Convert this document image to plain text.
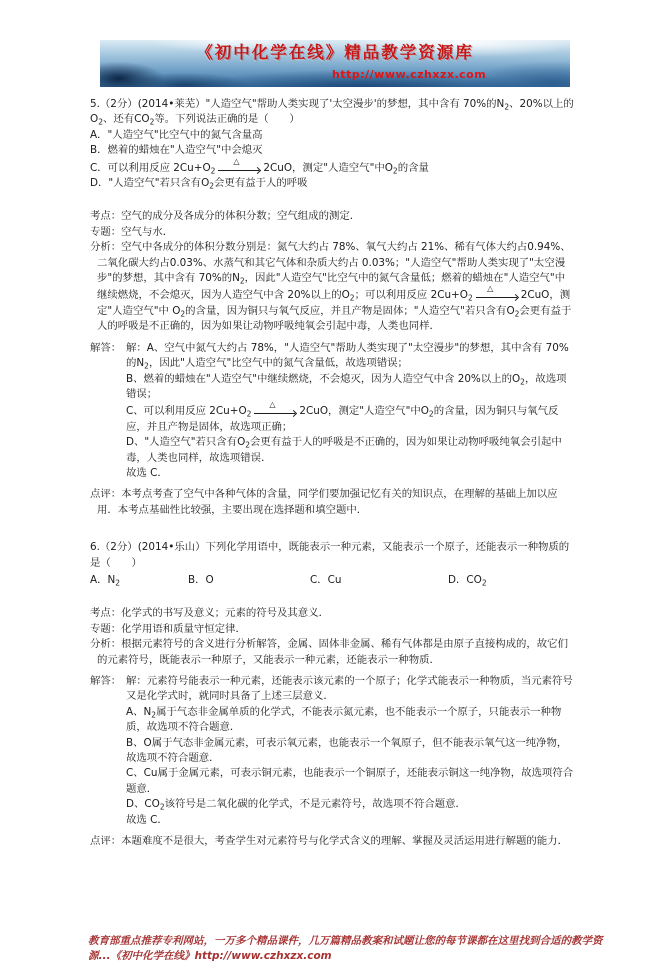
《初中化学在线》精品教学资源库
http://www.czhxzx.com
5.（2分）(2014•莱芜）"人造空气"帮助人类实现了'太空漫步'的梦想，其中含有 70%的$N_2$、20%以上的$O_2$、还有$CO_2$等。下列说法正确的是（　　）
A．"人造空气"比空气中的氮气含量高
B．燃着的蜡烛在"人造空气"中会熄灭
C．可以利用反应 $2Cu+O_2$
△
2CuO，测定"人造空气"中$O_2$的含量
D．"人造空气"若只含有$O_2$会更有益于人的呼吸
考点：空气的成分及各成分的体积分数；空气组成的测定．
专题：空气与水．
分析：空气中各成分的体积分数分别是：氮气大约占 78%、氧气大约占 21%、稀有气体大约占0.94%、二氧化碳大约占0.03%、水蒸气和其它气体和杂质大约占 0.03%；"人造空气"帮助人类实现了"太空漫步"的梦想，其中含有 70%的$N_2$，因此"人造空气"比空气中的氮气含量低；燃着的蜡烛在"人造空气"中继续燃烧，不会熄灭，因为人造空气中含 20%以上的$O_2$；可以利用反应 $2Cu+O_2$
△
2CuO，测定"人造空气"中 $O_2$的含量，因为铜只与氧气反应，并且产物是固体；"人造空气"若只含有$O_2$会更有益于人的呼吸是不正确的，因为如果让动物呼吸纯氧会引起中毒，人类也同样．
解答： 解：A、空气中氮气大约占 78%，"人造空气"帮助人类实现了"太空漫步"的梦想，其中含有 70%的$N_2$，因此"人造空气"比空气中的氮气含量低，故选项错误；
B、燃着的蜡烛在"人造空气"中继续燃烧，不会熄灭，因为人造空气中含 20%以上的$O_2$，故选项错误；
C、可以利用反应 $2Cu+O_2$
△
2CuO，测定"人造空气"中$O_2$的含量，因为铜只与氧气反应，并且产物是固体，故选项正确；
D、"人造空气"若只含有$O_2$会更有益于人的呼吸是不正确的，因为如果让动物呼吸纯氧会引起中毒，人类也同样，故选项错误．
故选 C．
点评：本考点考查了空气中各种气体的含量，同学们要加强记忆有关的知识点，在理解的基础上加以应用．本考点基础性比较强，主要出现在选择题和填空题中．
6.（2分）(2014•乐山）下列化学用语中，既能表示一种元素，又能表示一个原子，还能表示一种物质的是（　　）
A．$N_2$	B．O	C．Cu	D．$CO_2$
考点：化学式的书写及意义；元素的符号及其意义．
专题：化学用语和质量守恒定律．
分析：根据元素符号的含义进行分析解答，金属、固体非金属、稀有气体都是由原子直接构成的，故它们的元素符号，既能表示一种原子，又能表示一种元素，还能表示一种物质．
解答： 解：元素符号能表示一种元素，还能表示该元素的一个原子；化学式能表示一种物质，当元素符号又是化学式时，就同时具备了上述三层意义．
A、$N_2$属于气态非金属单质的化学式，不能表示氮元素，也不能表示一个原子，只能表示一种物质，故选项不符合题意．
B、O属于气态非金属元素，可表示氧元素，也能表示一个氧原子，但不能表示氧气这一纯净物，故选项不符合题意．
C、Cu属于金属元素，可表示铜元素，也能表示一个铜原子，还能表示铜这一纯净物，故选项符合题意．
D、$CO_2$该符号是二氧化碳的化学式，不是元素符号，故选项不符合题意．
故选 C．
点评：本题难度不是很大，考查学生对元素符号与化学式含义的理解、掌握及灵活运用进行解题的能力．
教育部重点推荐专利网站，一万多个精品课件，几万篇精品教案和试题让您的每节课都在这里找到合适的教学资源...《初中化学在线》http://www.czhxzx.com
